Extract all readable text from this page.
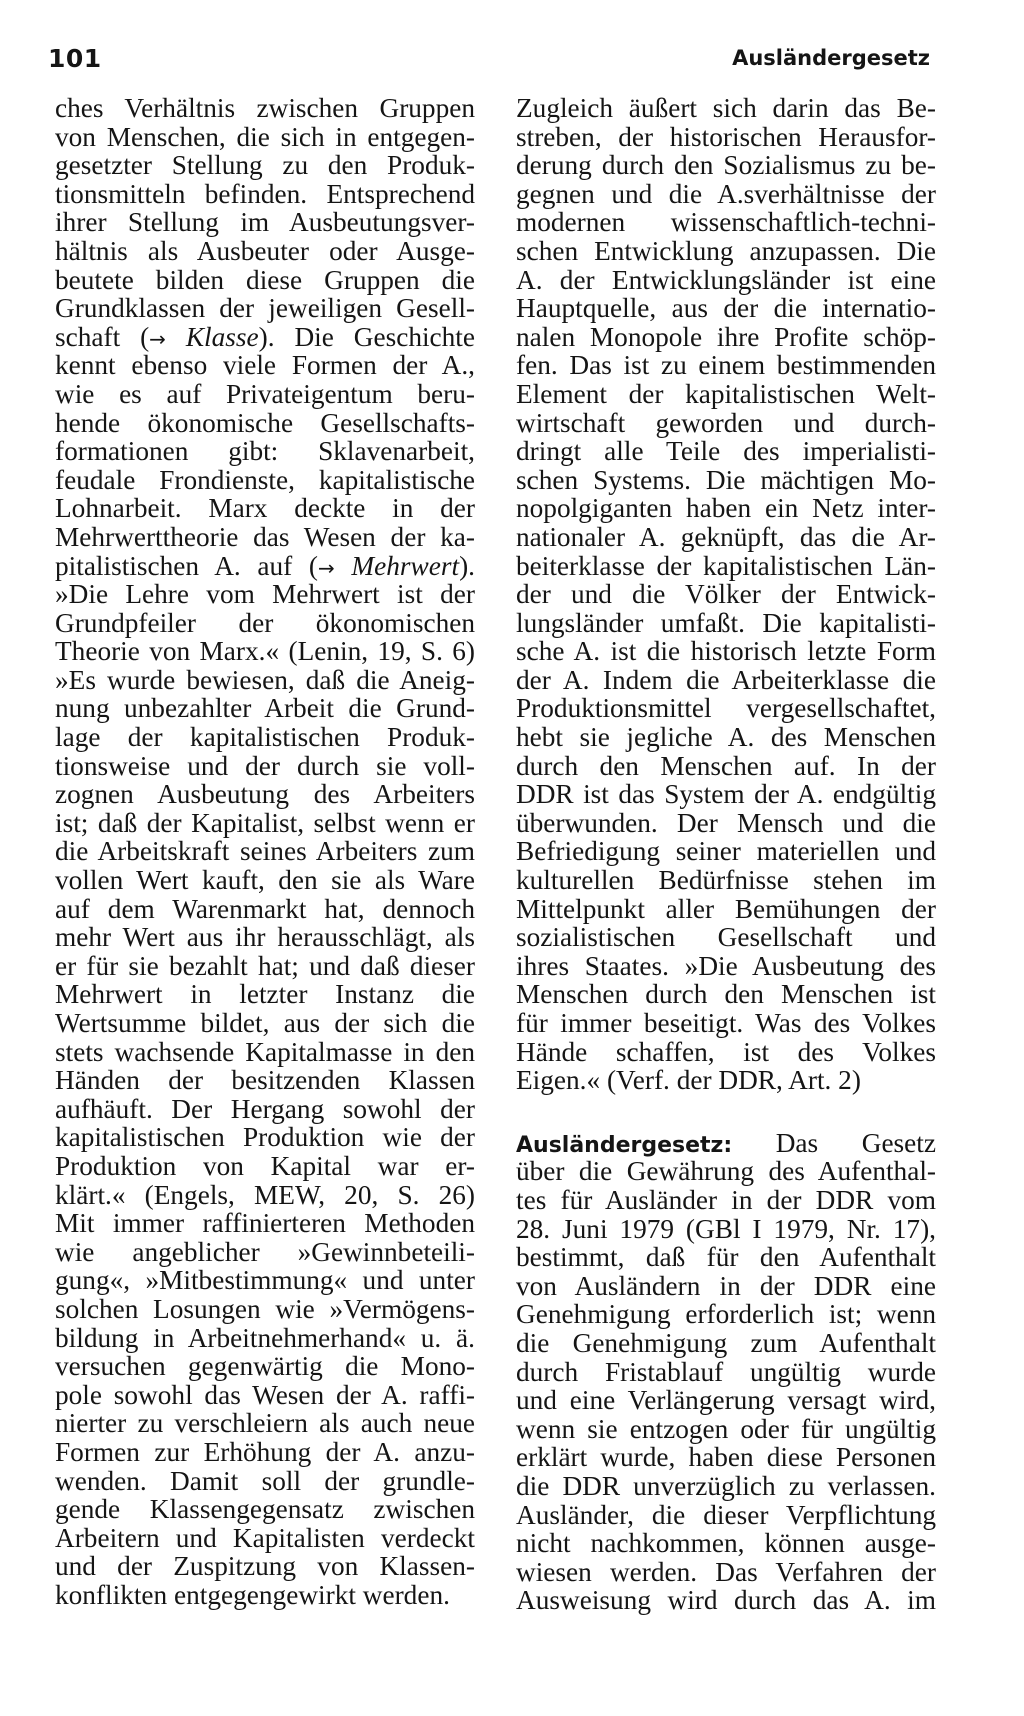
101	Ausländergesetz
ches Verhältnis zwischen Gruppen
von Menschen, die sich in entgegen-
gesetzter Stellung zu den Produk-
tionsmitteln befinden. Entsprechend
ihrer Stellung im Ausbeutungsver-
hältnis als Ausbeuter oder Ausge-
beutete bilden diese Gruppen die
Grundklassen der jeweiligen Gesell-
schaft (→ Klasse). Die Geschichte
kennt ebenso viele Formen der A.,
wie es auf Privateigentum beru-
hende ökonomische Gesellschafts-
formationen gibt: Sklavenarbeit,
feudale Frondienste, kapitalistische
Lohnarbeit. Marx deckte in der
Mehrwerttheorie das Wesen der ka-
pitalistischen A. auf (→ Mehrwert).
»Die Lehre vom Mehrwert ist der
Grundpfeiler der ökonomischen
Theorie von Marx.« (Lenin, 19, S. 6)
»Es wurde bewiesen, daß die Aneig-
nung unbezahlter Arbeit die Grund-
lage der kapitalistischen Produk-
tionsweise und der durch sie voll-
zognen Ausbeutung des Arbeiters
ist; daß der Kapitalist, selbst wenn er
die Arbeitskraft seines Arbeiters zum
vollen Wert kauft, den sie als Ware
auf dem Warenmarkt hat, dennoch
mehr Wert aus ihr herausschlägt, als
er für sie bezahlt hat; und daß dieser
Mehrwert in letzter Instanz die
Wertsumme bildet, aus der sich die
stets wachsende Kapitalmasse in den
Händen der besitzenden Klassen
aufhäuft. Der Hergang sowohl der
kapitalistischen Produktion wie der
Produktion von Kapital war er-
klärt.« (Engels, MEW, 20, S. 26)
Mit immer raffinierteren Methoden
wie angeblicher »Gewinnbeteili-
gung«, »Mitbestimmung« und unter
solchen Losungen wie »Vermögens-
bildung in Arbeitnehmerhand« u. ä.
versuchen gegenwärtig die Mono-
pole sowohl das Wesen der A. raffi-
nierter zu verschleiern als auch neue
Formen zur Erhöhung der A. anzu-
wenden. Damit soll der grundle-
gende Klassengegensatz zwischen
Arbeitern und Kapitalisten verdeckt
und der Zuspitzung von Klassen-
konflikten entgegengewirkt werden.
Zugleich äußert sich darin das Be-
streben, der historischen Herausfor-
derung durch den Sozialismus zu be-
gegnen und die A.sverhältnisse der
modernen wissenschaftlich-techni-
schen Entwicklung anzupassen. Die
A. der Entwicklungsländer ist eine
Hauptquelle, aus der die internatio-
nalen Monopole ihre Profite schöp-
fen. Das ist zu einem bestimmenden
Element der kapitalistischen Welt-
wirtschaft geworden und durch-
dringt alle Teile des imperialisti-
schen Systems. Die mächtigen Mo-
nopolgiganten haben ein Netz inter-
nationaler A. geknüpft, das die Ar-
beiterklasse der kapitalistischen Län-
der und die Völker der Entwick-
lungsländer umfaßt. Die kapitalisti-
sche A. ist die historisch letzte Form
der A. Indem die Arbeiterklasse die
Produktionsmittel vergesellschaftet,
hebt sie jegliche A. des Menschen
durch den Menschen auf. In der
DDR ist das System der A. endgültig
überwunden. Der Mensch und die
Befriedigung seiner materiellen und
kulturellen Bedürfnisse stehen im
Mittelpunkt aller Bemühungen der
sozialistischen Gesellschaft und
ihres Staates. »Die Ausbeutung des
Menschen durch den Menschen ist
für immer beseitigt. Was des Volkes
Hände schaffen, ist des Volkes
Eigen.« (Verf. der DDR, Art. 2)
Ausländergesetz: Das Gesetz
über die Gewährung des Aufenthal-
tes für Ausländer in der DDR vom
28. Juni 1979 (GBl I 1979, Nr. 17),
bestimmt, daß für den Aufenthalt
von Ausländern in der DDR eine
Genehmigung erforderlich ist; wenn
die Genehmigung zum Aufenthalt
durch Fristablauf ungültig wurde
und eine Verlängerung versagt wird,
wenn sie entzogen oder für ungültig
erklärt wurde, haben diese Personen
die DDR unverzüglich zu verlassen.
Ausländer, die dieser Verpflichtung
nicht nachkommen, können ausge-
wiesen werden. Das Verfahren der
Ausweisung wird durch das A. im
